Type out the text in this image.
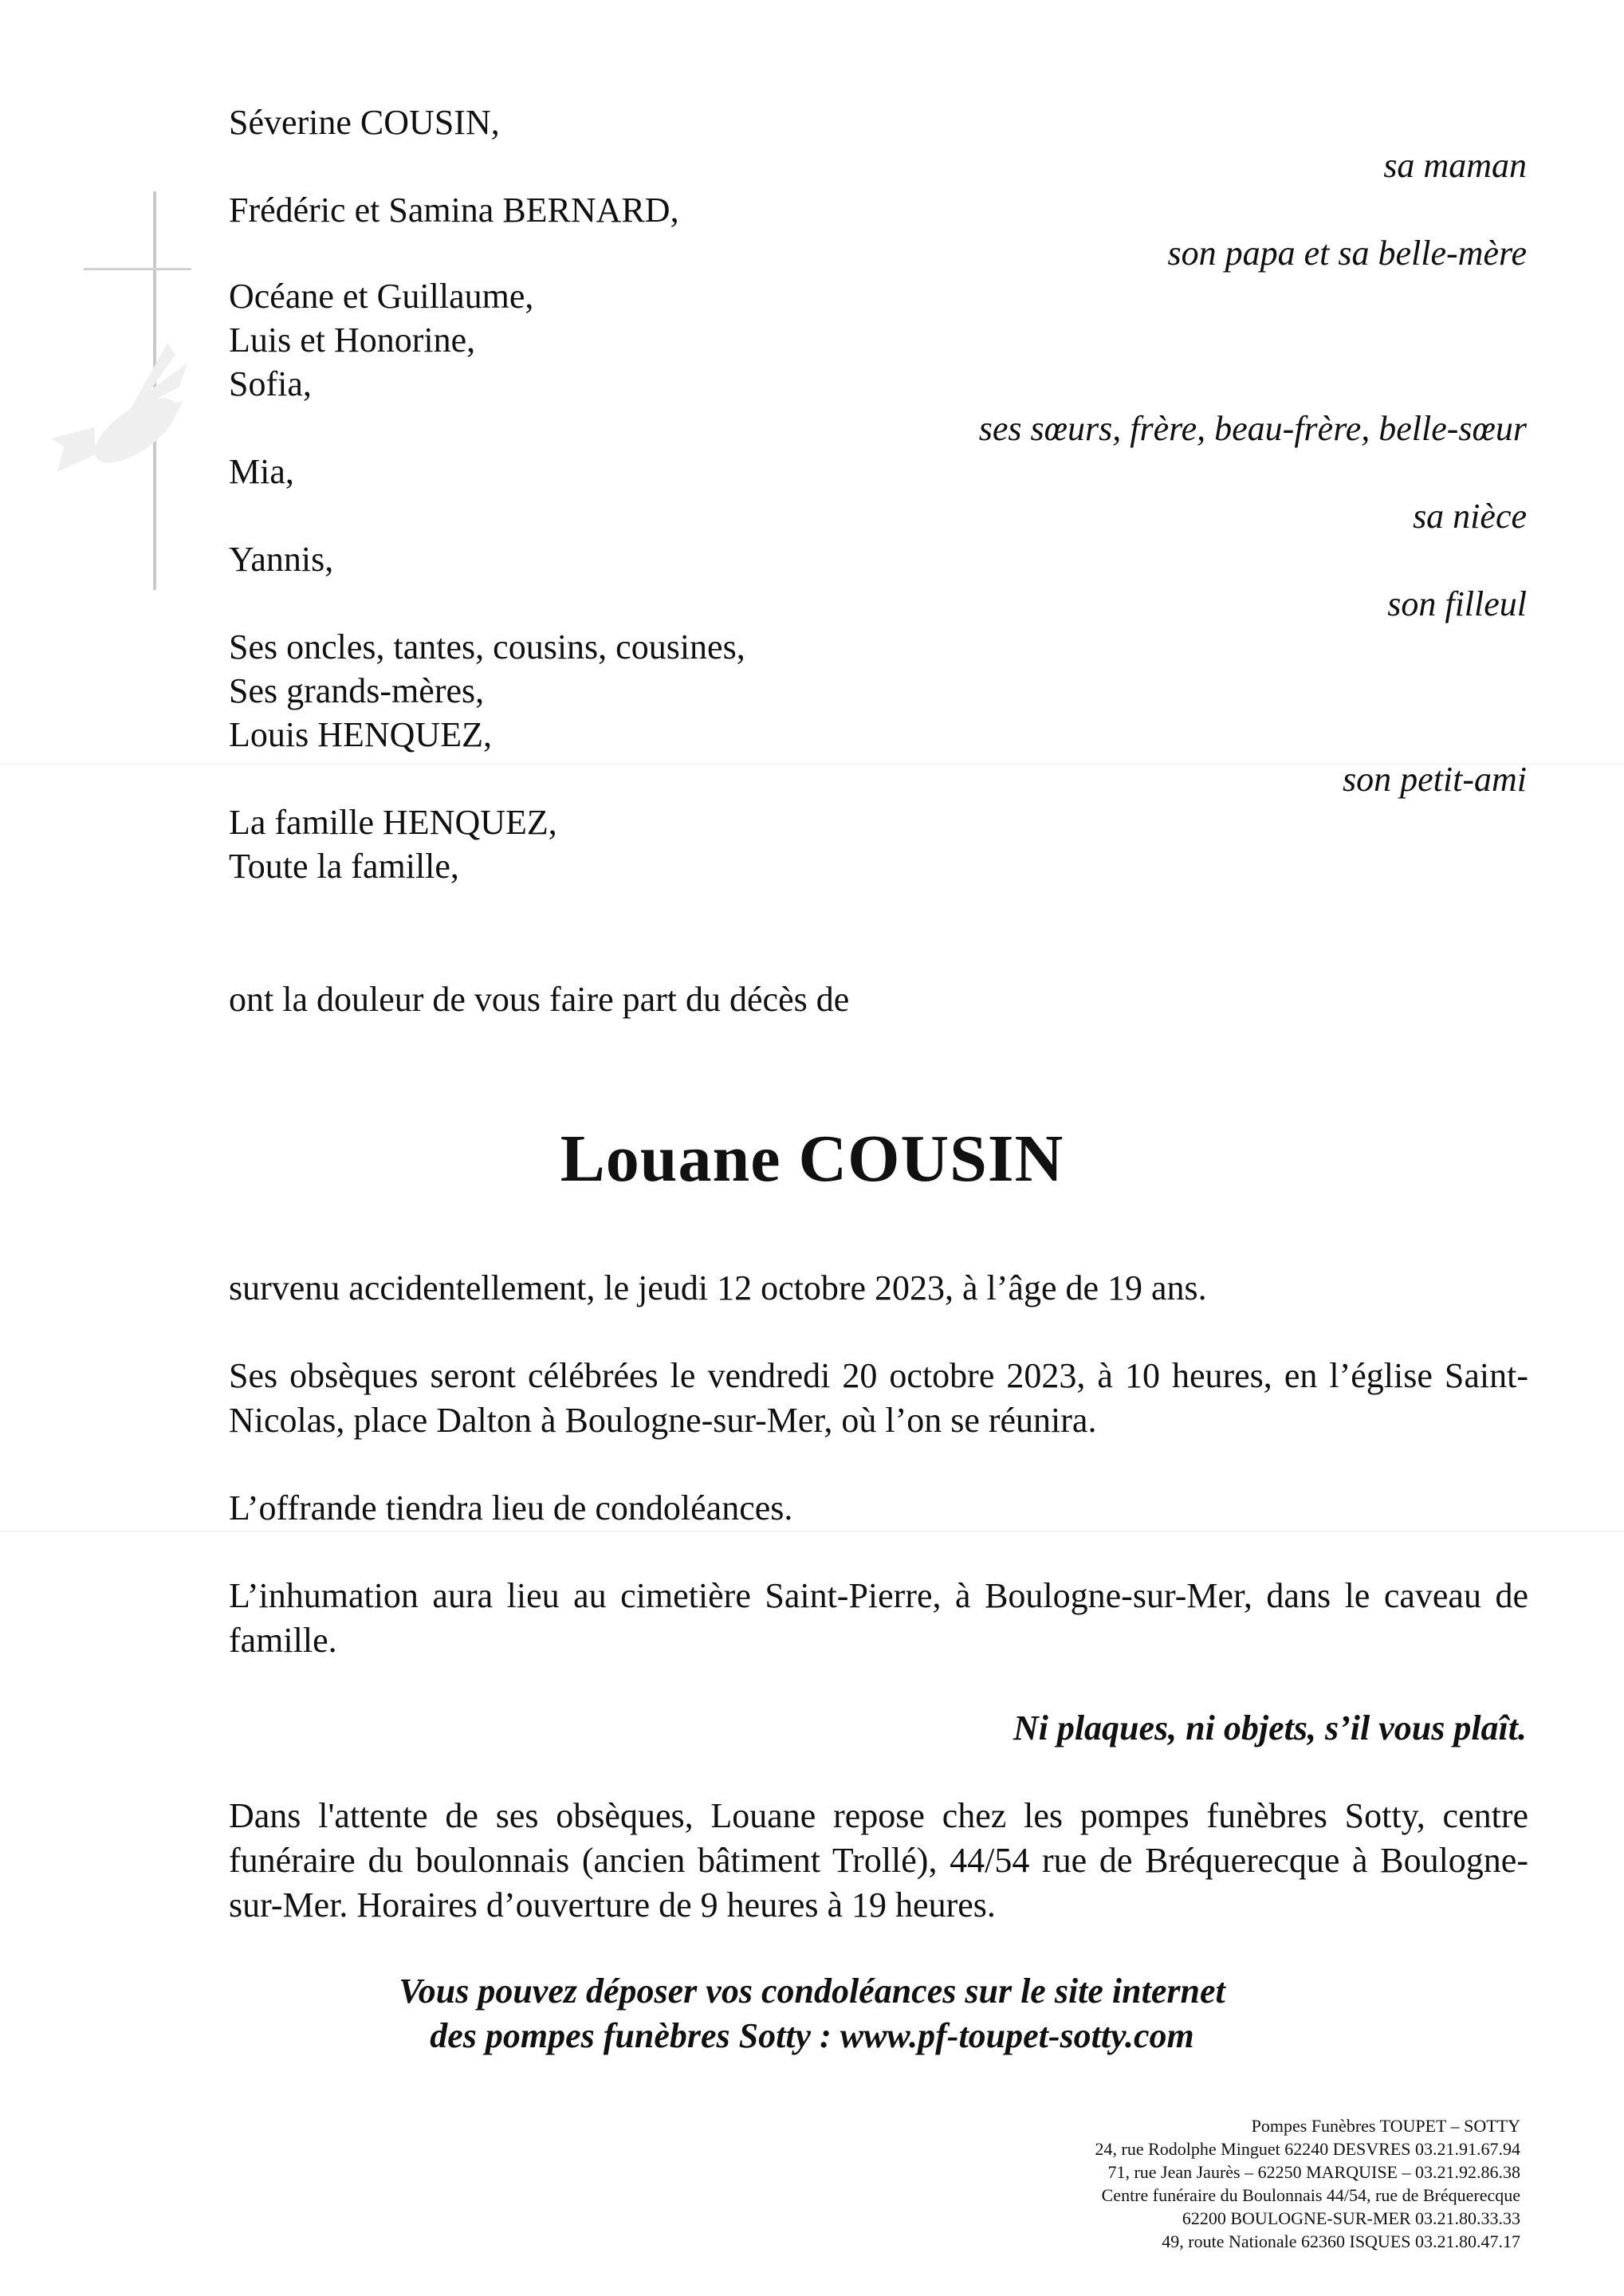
Séverine COUSIN,
Frédéric et Samina BERNARD,
Océane et Guillaume,
Luis et Honorine,
Sofia,
Mia,
Yannis,
Ses oncles, tantes, cousins, cousines,
Ses grands-mères,
Louis HENQUEZ,
La famille HENQUEZ,
Toute la famille,
sa maman
son papa et sa belle-mère
ses sœurs, frère, beau-frère, belle-sœur
sa nièce
son filleul
son petit-ami
ont la douleur de vous faire part du décès de
Louane COUSIN
survenu accidentellement, le jeudi 12 octobre 2023, à l’âge de 19 ans.
Ses obsèques seront célébrées le vendredi 20 octobre 2023, à 10 heures, en l’église Saint-Nicolas, place Dalton à Boulogne-sur-Mer, où l’on se réunira.
L’offrande tiendra lieu de condoléances.
L’inhumation aura lieu au cimetière Saint-Pierre, à Boulogne-sur-Mer, dans le caveau de famille.
Ni plaques, ni objets, s’il vous plaît.
Dans l'attente de ses obsèques, Louane repose chez les pompes funèbres Sotty, centre funéraire du boulonnais (ancien bâtiment Trollé), 44/54 rue de Bréquerecque à Boulogne-sur-Mer. Horaires d’ouverture de 9 heures à 19 heures.
Vous pouvez déposer vos condoléances sur le site internet
des pompes funèbres Sotty : www.pf-toupet-sotty.com
Pompes Funèbres TOUPET – SOTTY
24, rue Rodolphe Minguet 62240 DESVRES 03.21.91.67.94
71, rue Jean Jaurès – 62250 MARQUISE – 03.21.92.86.38
Centre funéraire du Boulonnais 44/54, rue de Bréquerecque
62200 BOULOGNE-SUR-MER 03.21.80.33.33
49, route Nationale 62360 ISQUES 03.21.80.47.17
